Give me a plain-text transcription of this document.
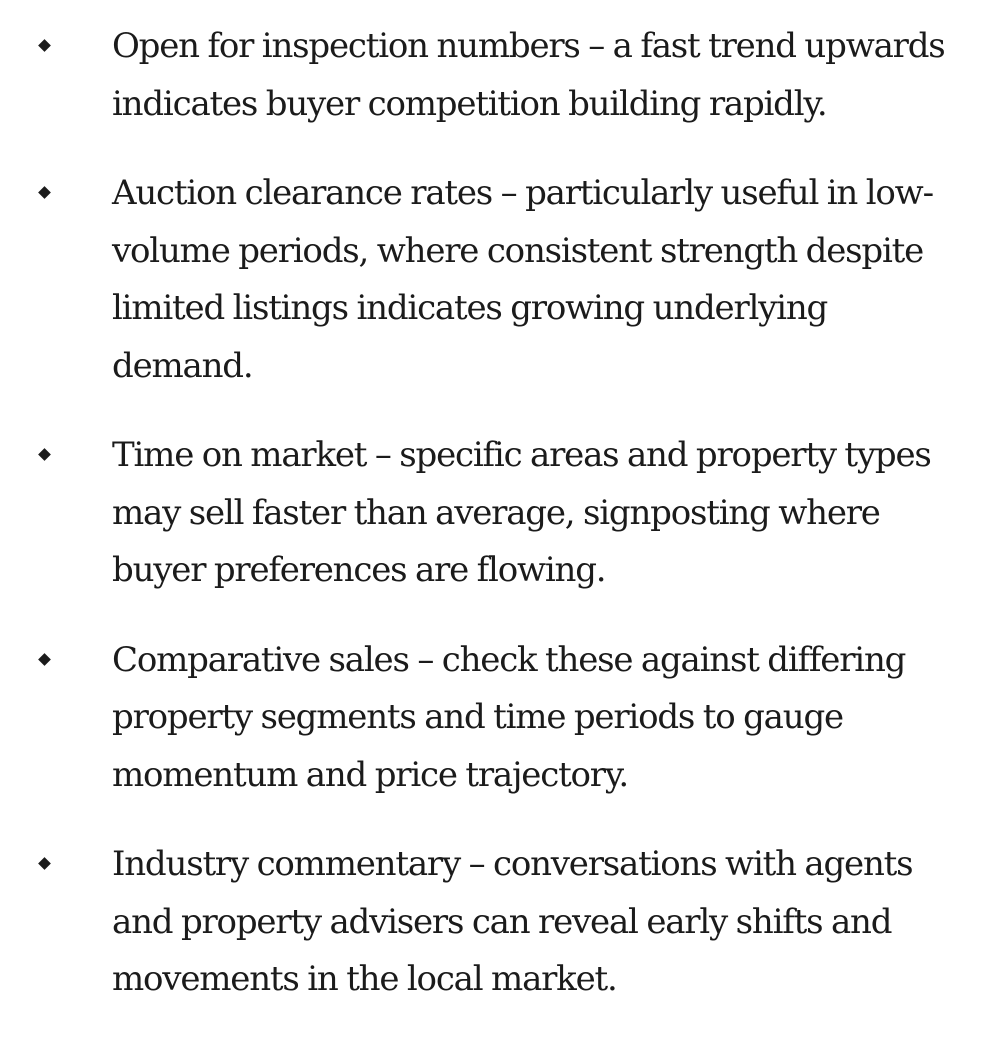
Open for inspection numbers – a fast trend upwards indicates buyer competition building rapidly.
Auction clearance rates – particularly useful in low-volume periods, where consistent strength despite limited listings indicates growing underlying demand.
Time on market – specific areas and property types may sell faster than average, signposting where buyer preferences are flowing.
Comparative sales – check these against differing property segments and time periods to gauge momentum and price trajectory.
Industry commentary – conversations with agents and property advisers can reveal early shifts and movements in the local market.
